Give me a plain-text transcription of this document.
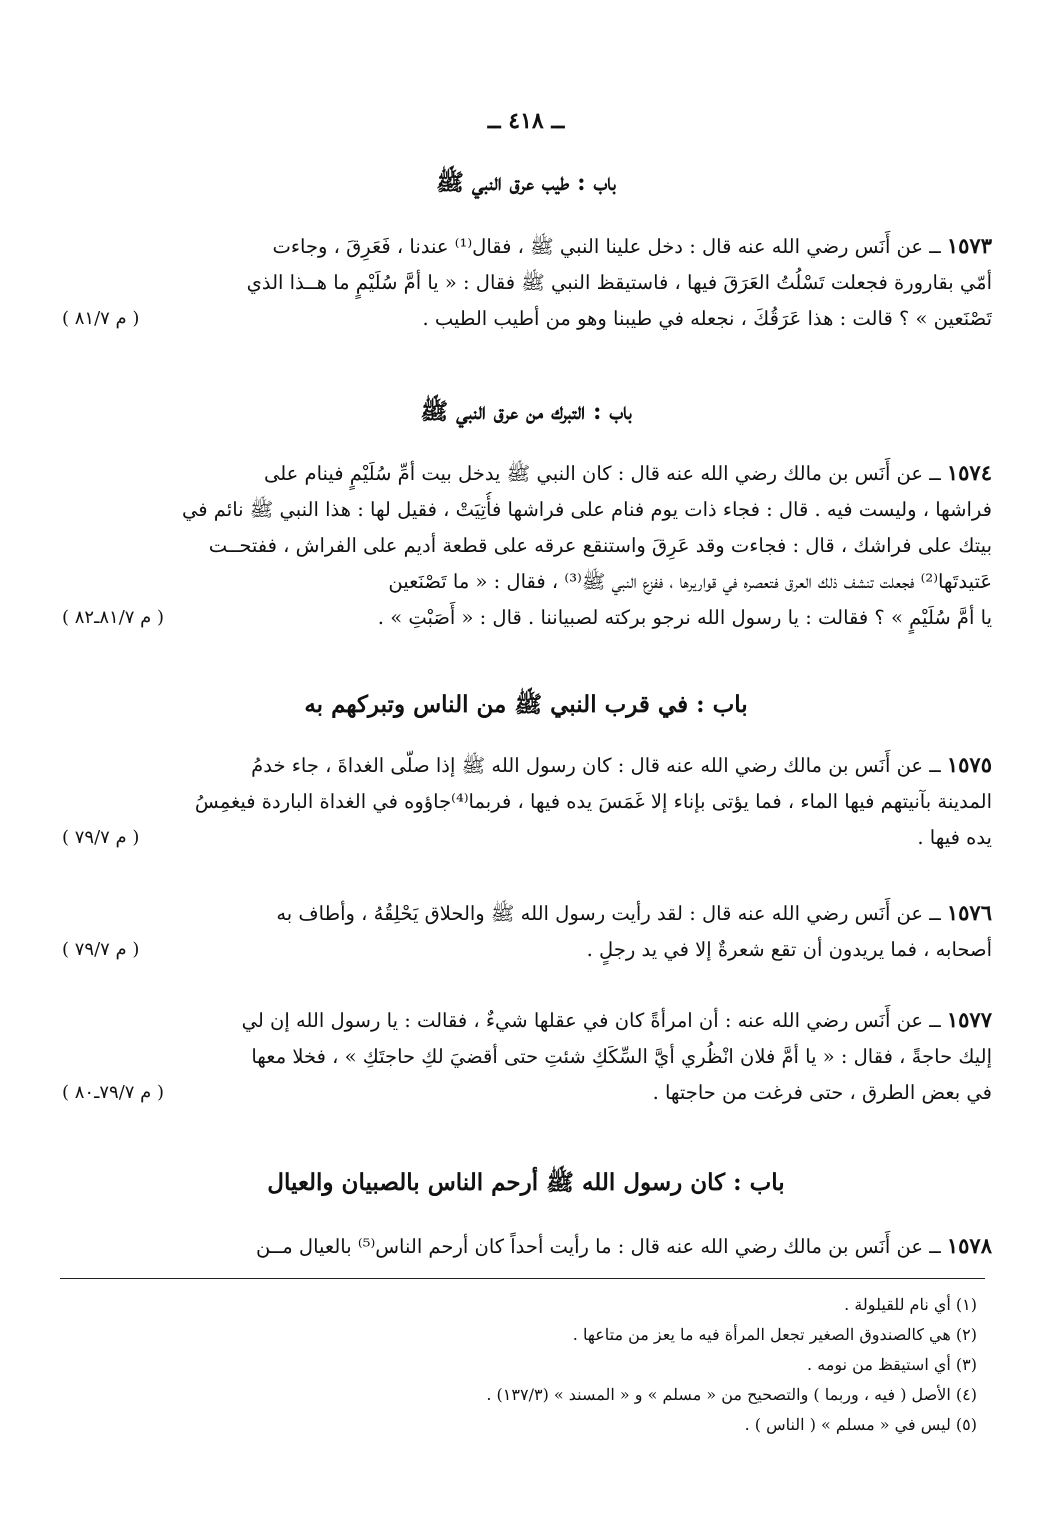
ــ ٤١٨ ــ
باب : طيب عرق النبي ﷺ
١٥٧٣ ــ عن أَنَس رضي الله عنه قال : دخل علينا النبي ﷺ ، فقال⁽¹⁾ عندنا ، فَعَرِقَ ، وجاءت
أمّي بقارورة فجعلت تَسْلُتُ العَرَقَ فيها ، فاستيقظ النبي ﷺ فقال : « يا أمَّ سُلَيْمٍ ما هــذا الذي
تَصْنَعين » ؟ قالت : هذا عَرَقُكَ ، نجعله في طيبنا وهو من أطيب الطيب .
( م ٨١/٧ )
باب : التبرك من عرق النبي ﷺ
١٥٧٤ ــ عن أَنَس بن مالك رضي الله عنه قال : كان النبي ﷺ يدخل بيت أمِّ سُلَيْمٍ فينام على
فراشها ، وليست فيه . قال : فجاء ذات يوم فنام على فراشها فأُتِيَتْ ، فقيل لها : هذا النبي ﷺ نائم في
بيتك على فراشك ، قال : فجاءت وقد عَرِقَ واستنقع عرقه على قطعة أديم على الفراش ، ففتحــت
عَتيدتَها⁽²⁾ فجعلت تنشف ذلك العرق فتعصره في قواريرها ، ففزع النبي ﷺ⁽³⁾ ، فقال : « ما تَصْنَعين
يا أمَّ سُلَيْمٍ » ؟ فقالت : يا رسول الله نرجو بركته لصبياننا . قال : « أَصَبْتِ » .
( م ٨١/٧ـ٨٢ )
باب : في قرب النبي ﷺ من الناس وتبركهم به
١٥٧٥ ــ عن أَنَس بن مالك رضي الله عنه قال : كان رسول الله ﷺ إذا صلّى الغداةَ ، جاء خدمُ
المدينة بآنيتهم فيها الماء ، فما يؤتى بإناء إلا غَمَسَ يده فيها ، فربما⁽⁴⁾جاؤوه في الغداة الباردة فيغمِسُ
يده فيها .
( م ٧٩/٧ )
١٥٧٦ ــ عن أَنَس رضي الله عنه قال : لقد رأيت رسول الله ﷺ والحلاق يَحْلِقُهُ ، وأطاف به
أصحابه ، فما يريدون أن تقع شعرةٌ إلا في يد رجلٍ .
( م ٧٩/٧ )
١٥٧٧ ــ عن أَنَس رضي الله عنه : أن امرأةً كان في عقلها شيءٌ ، فقالت : يا رسول الله إن لي
إليك حاجةً ، فقال : « يا أمَّ فلان انْظُري أيَّ السِّكَكِ شئتِ حتى أقضيَ لكِ حاجتَكِ » ، فخلا معها
في بعض الطرق ، حتى فرغت من حاجتها .
( م ٧٩/٧ـ٨٠ )
باب : كان رسول الله ﷺ أرحم الناس بالصبيان والعيال
١٥٧٨ ــ عن أَنَس بن مالك رضي الله عنه قال : ما رأيت أحداً كان أرحم الناس⁽⁵⁾ بالعيال مــن
(١) أي نام للقيلولة .
(٢) هي كالصندوق الصغير تجعل المرأة فيه ما يعز من متاعها .
(٣) أي استيقظ من نومه .
(٤) الأصل ( فيه ، وربما ) والتصحيح من « مسلم » و « المسند » (١٣٧/٣) .
(٥) ليس في « مسلم » ( الناس ) .
